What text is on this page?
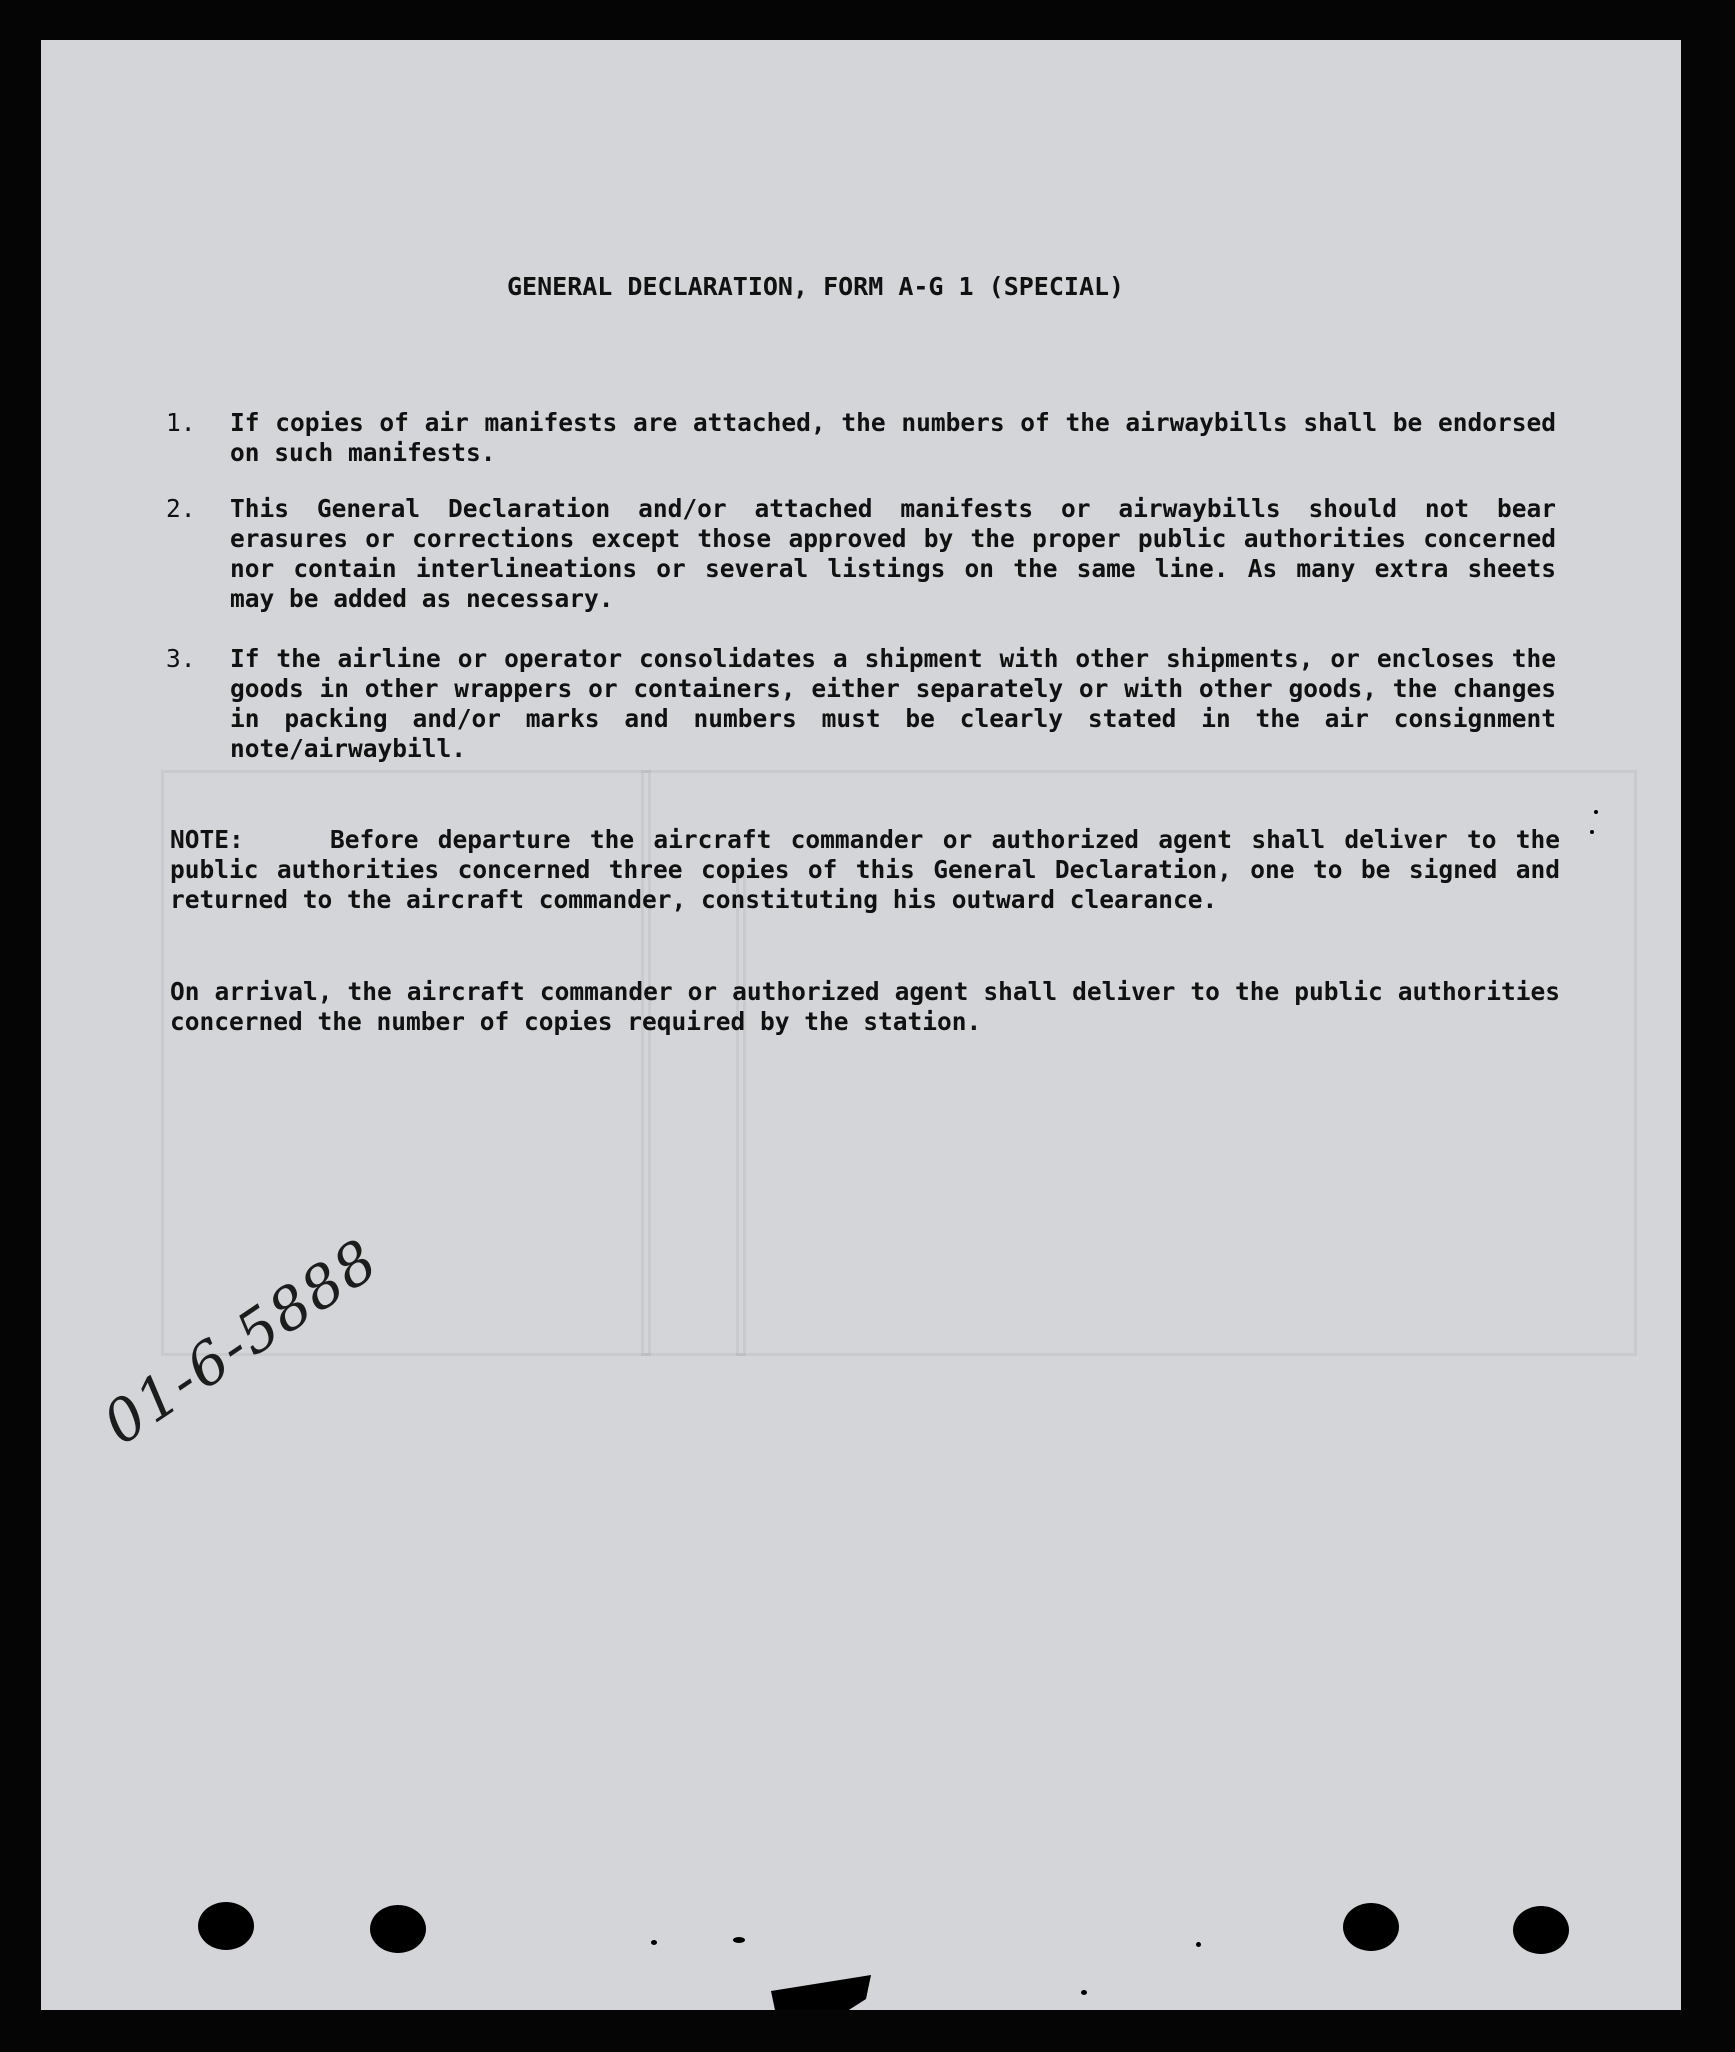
GENERAL DECLARATION, FORM A-G 1 (SPECIAL)
1.	If copies of air manifests are attached, the numbers of the airwaybills shall be endorsed on such manifests.
2.	This General Declaration and/or attached manifests or airwaybills should not bear erasures or corrections except those approved by the proper public authorities concerned nor contain interlineations or several listings on the same line. As many extra sheets may be added as necessary.
3.	If the airline or operator consolidates a shipment with other shipments, or encloses the goods in other wrappers or containers, either separately or with other goods, the changes in packing and/or marks and numbers must be clearly stated in the air consignment note/airwaybill.
NOTE:	Before departure the aircraft commander or authorized agent shall deliver to the public authorities concerned three copies of this General Declaration, one to be signed and returned to the aircraft commander, constituting his outward clearance.
On arrival, the aircraft commander or authorized agent shall deliver to the public authorities concerned the number of copies required by the station.
01-6-5888
